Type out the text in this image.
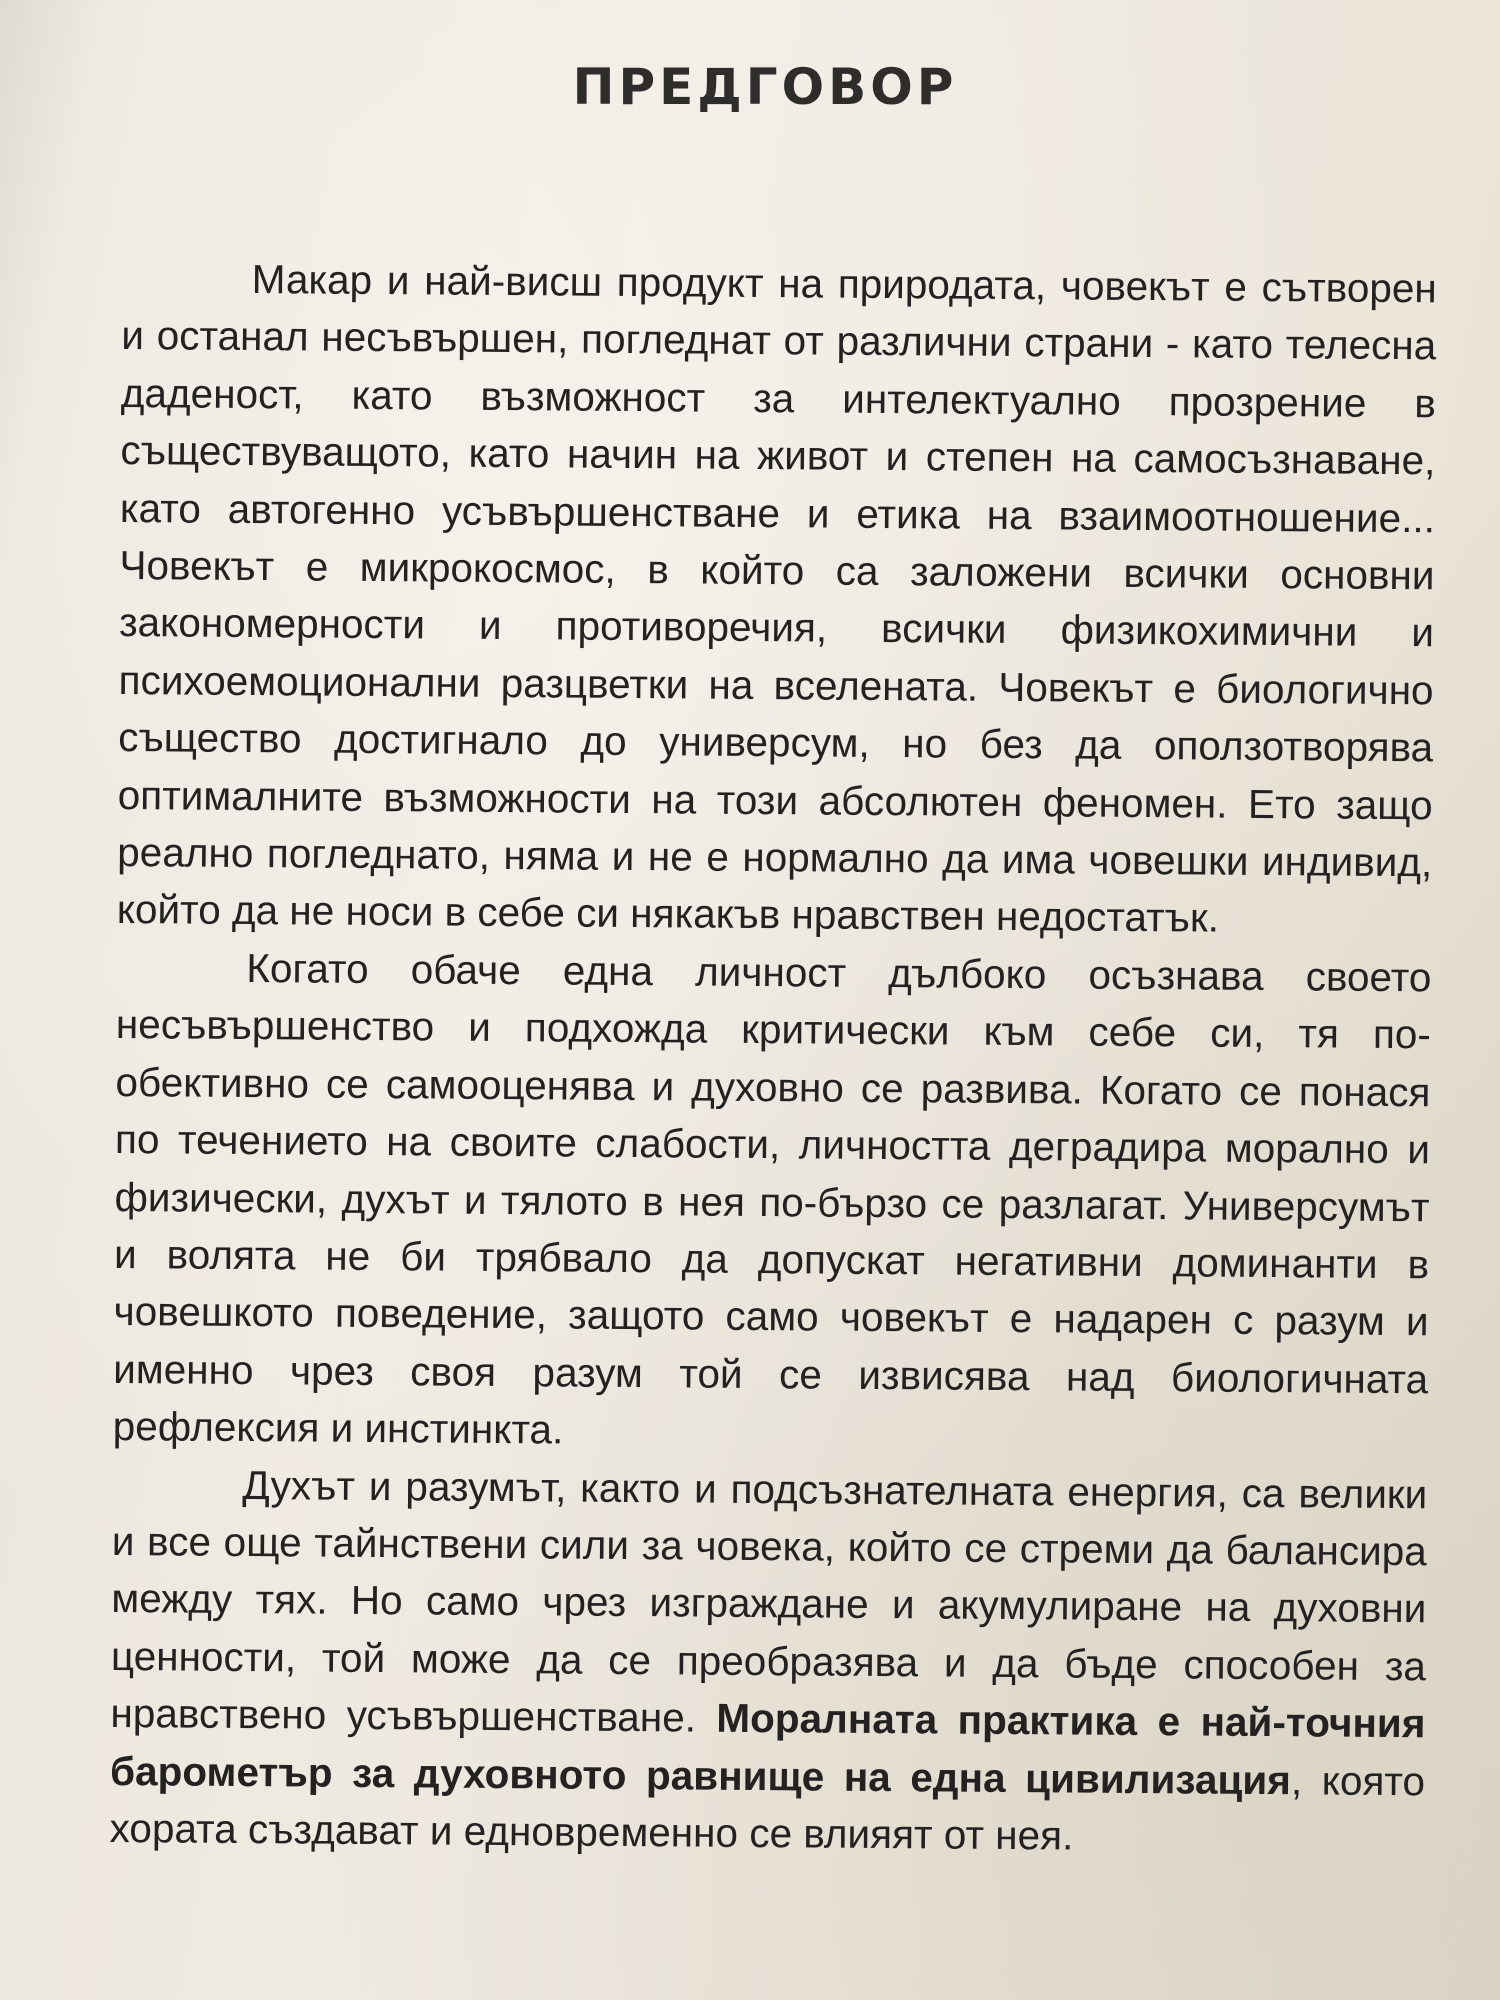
ПРЕДГОВОР

Макар и най-висш продукт на природата, човекът е сътворен и останал несъвършен, погледнат от различни страни - като телесна даденост, като възможност за интелектуално прозрение в съществуващото, като начин на живот и степен на самосъзнаване, като автогенно усъвършенстване и етика на взаимоотношение... Човекът е микрокосмос, в който са заложени всички основни закономерности и противоречия, всички физикохимични и психоемоционални разцветки на вселената. Човекът е биологично същество достигнало до универсум, но без да оползотворява оптималните възможности на този абсолютен феномен. Ето защо реално погледнато, няма и не е нормално да има човешки индивид, който да не носи в себе си някакъв нравствен недостатък.

Когато обаче една личност дълбоко осъзнава своето несъвършенство и подхожда критически към себе си, тя по-обективно се самооценява и духовно се развива. Когато се понася по течението на своите слабости, личността деградира морално и физически, духът и тялото в нея по-бързо се разлагат. Универсумът и волята не би трябвало да допускат негативни доминанти в човешкото поведение, защото само човекът е надарен с разум и именно чрез своя разум той се извисява над биологичната рефлексия и инстинкта.

Духът и разумът, както и подсъзнателната енергия, са велики и все още тайнствени сили за човека, който се стреми да балансира между тях. Но само чрез изграждане и акумулиране на духовни ценности, той може да се преобразява и да бъде способен за нравствено усъвършенстване. Моралната практика е най-точния барометър за духовното равнище на една цивилизация, която хората създават и едновременно се влияят от нея.
